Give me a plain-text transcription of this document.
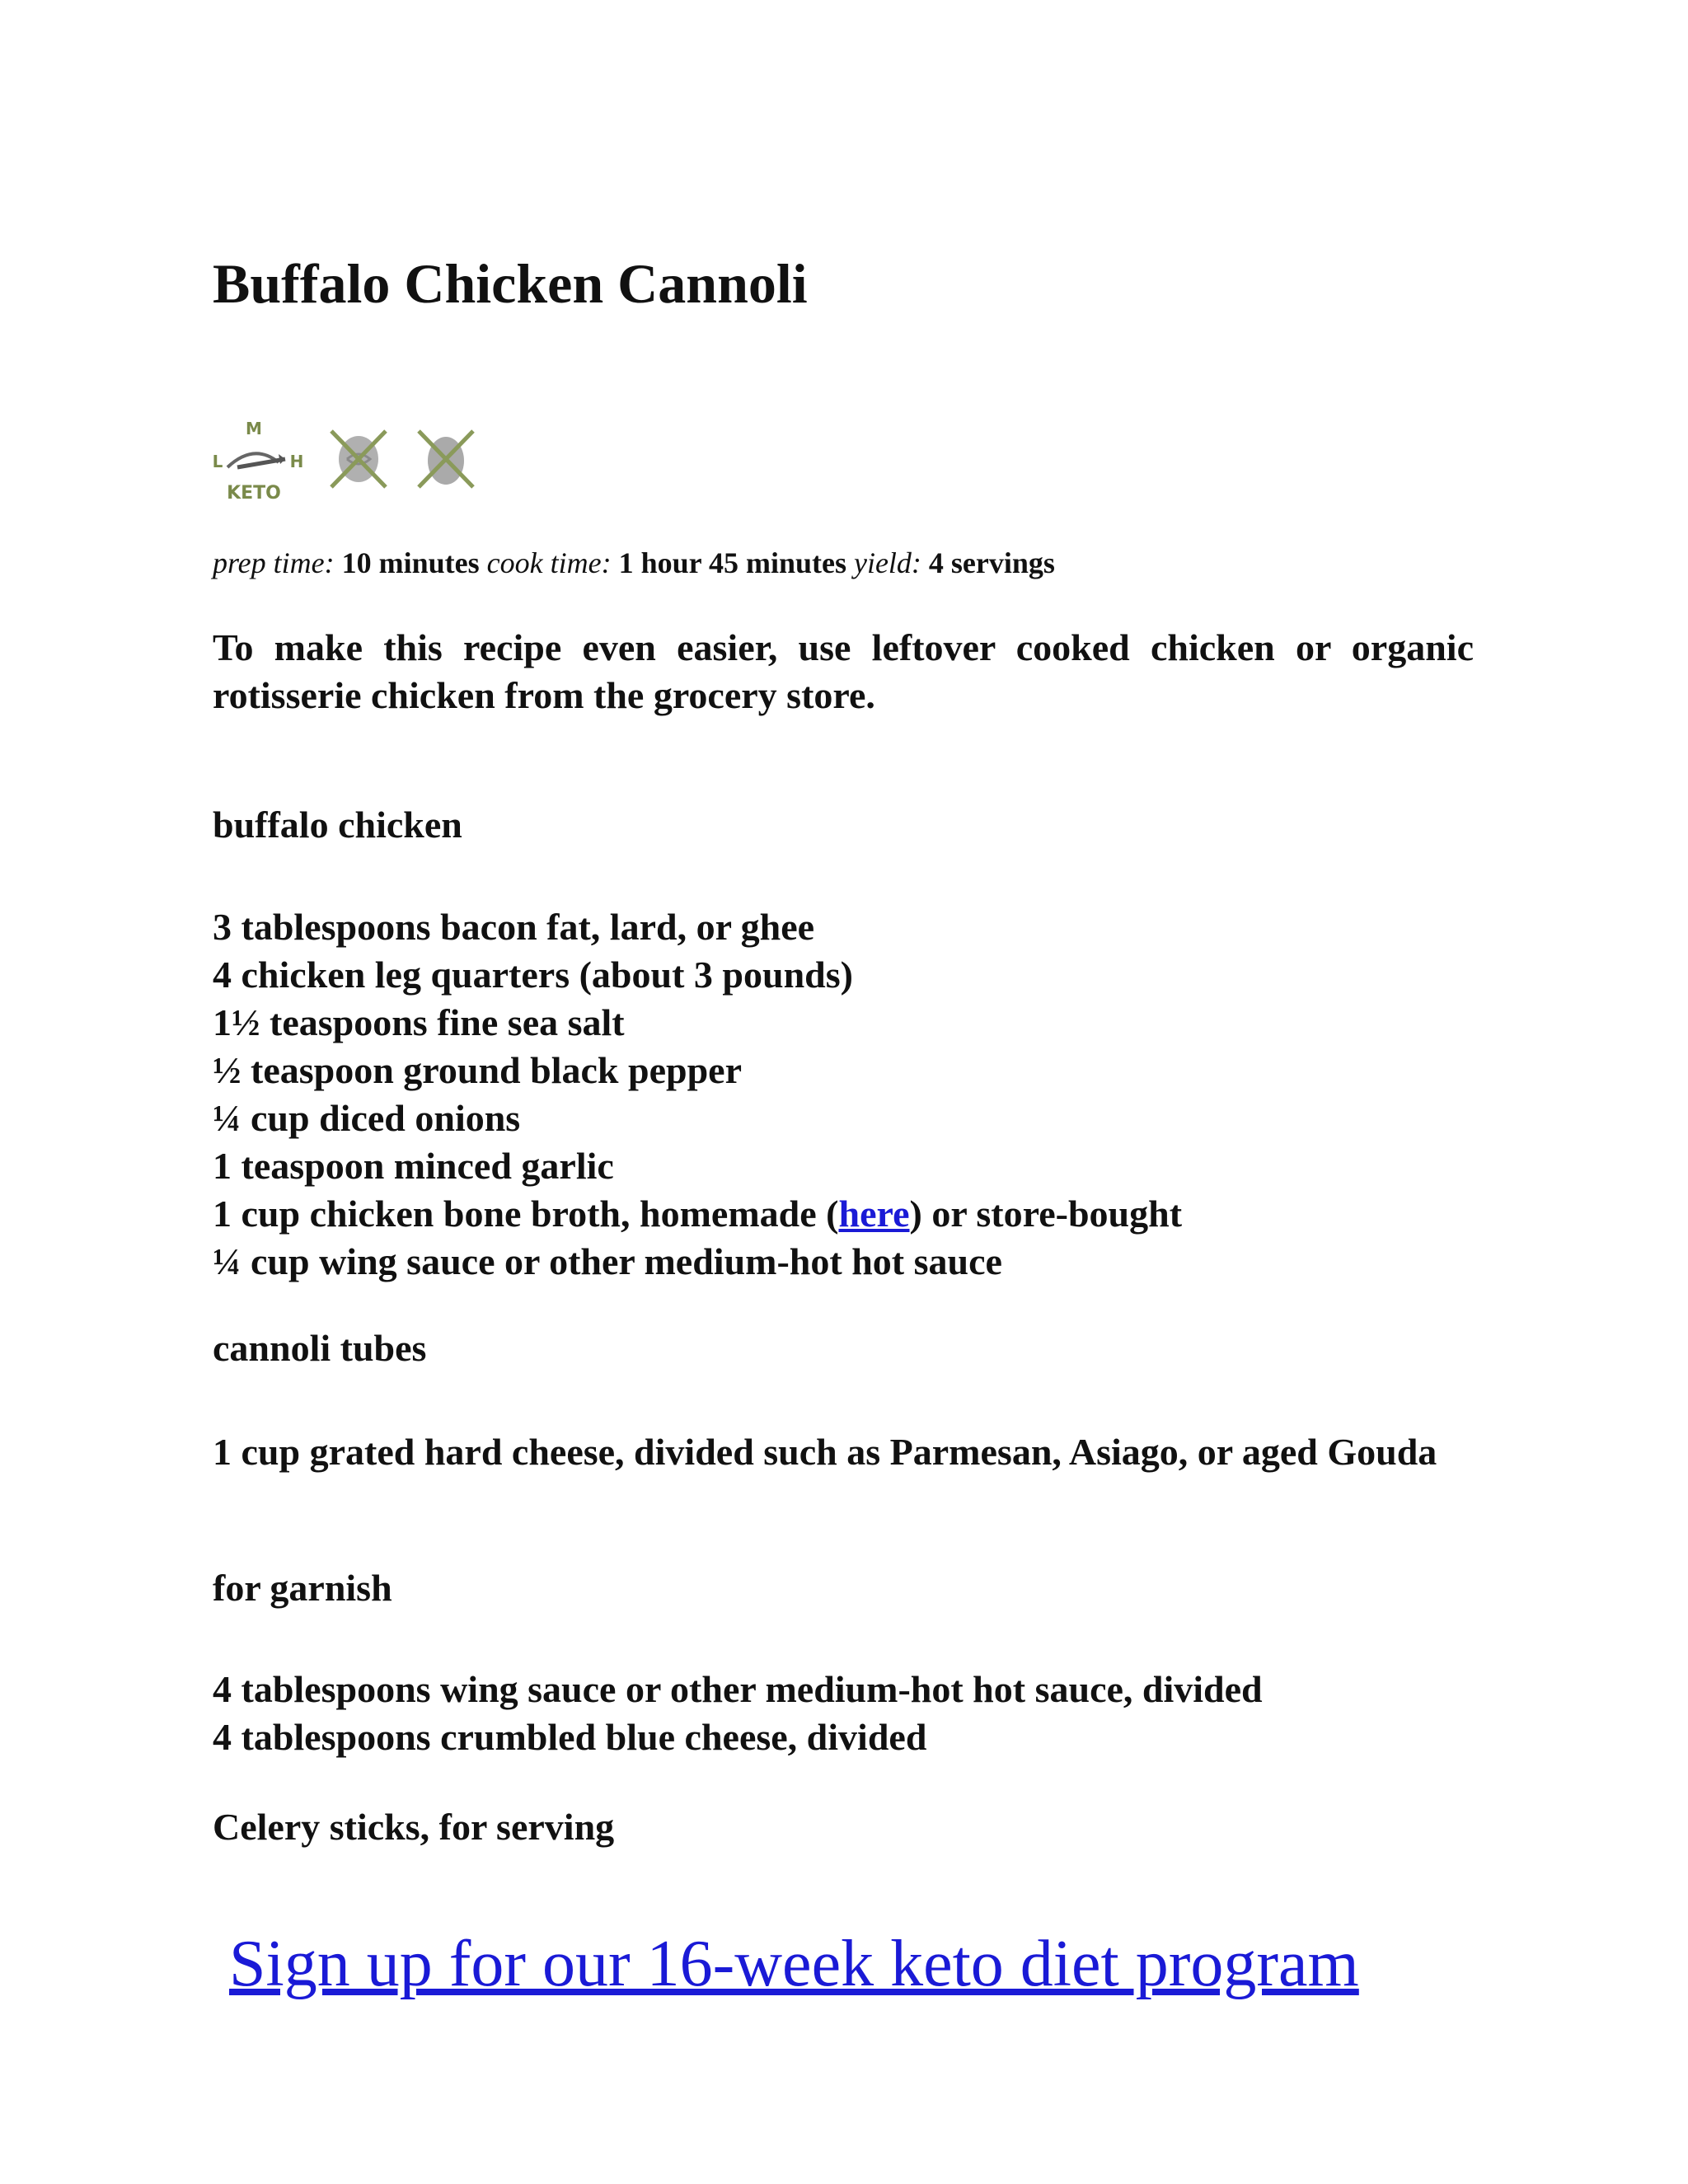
Buffalo Chicken Cannoli
M
L	H
KETO
prep time: 10 minutes cook time: 1 hour 45 minutes yield: 4 servings

To make this recipe even easier, use leftover cooked chicken or organic rotisserie chicken from the grocery store.

buffalo chicken
3 tablespoons bacon fat, lard, or ghee
4 chicken leg quarters (about 3 pounds)
1½ teaspoons fine sea salt
½ teaspoon ground black pepper
¼ cup diced onions
1 teaspoon minced garlic
1 cup chicken bone broth, homemade (here) or store-bought
¼ cup wing sauce or other medium-hot hot sauce
cannoli tubes
1 cup grated hard cheese, divided such as Parmesan, Asiago, or aged Gouda
for garnish
4 tablespoons wing sauce or other medium-hot hot sauce, divided
4 tablespoons crumbled blue cheese, divided

Celery sticks, for serving

Sign up for our 16-week keto diet program
